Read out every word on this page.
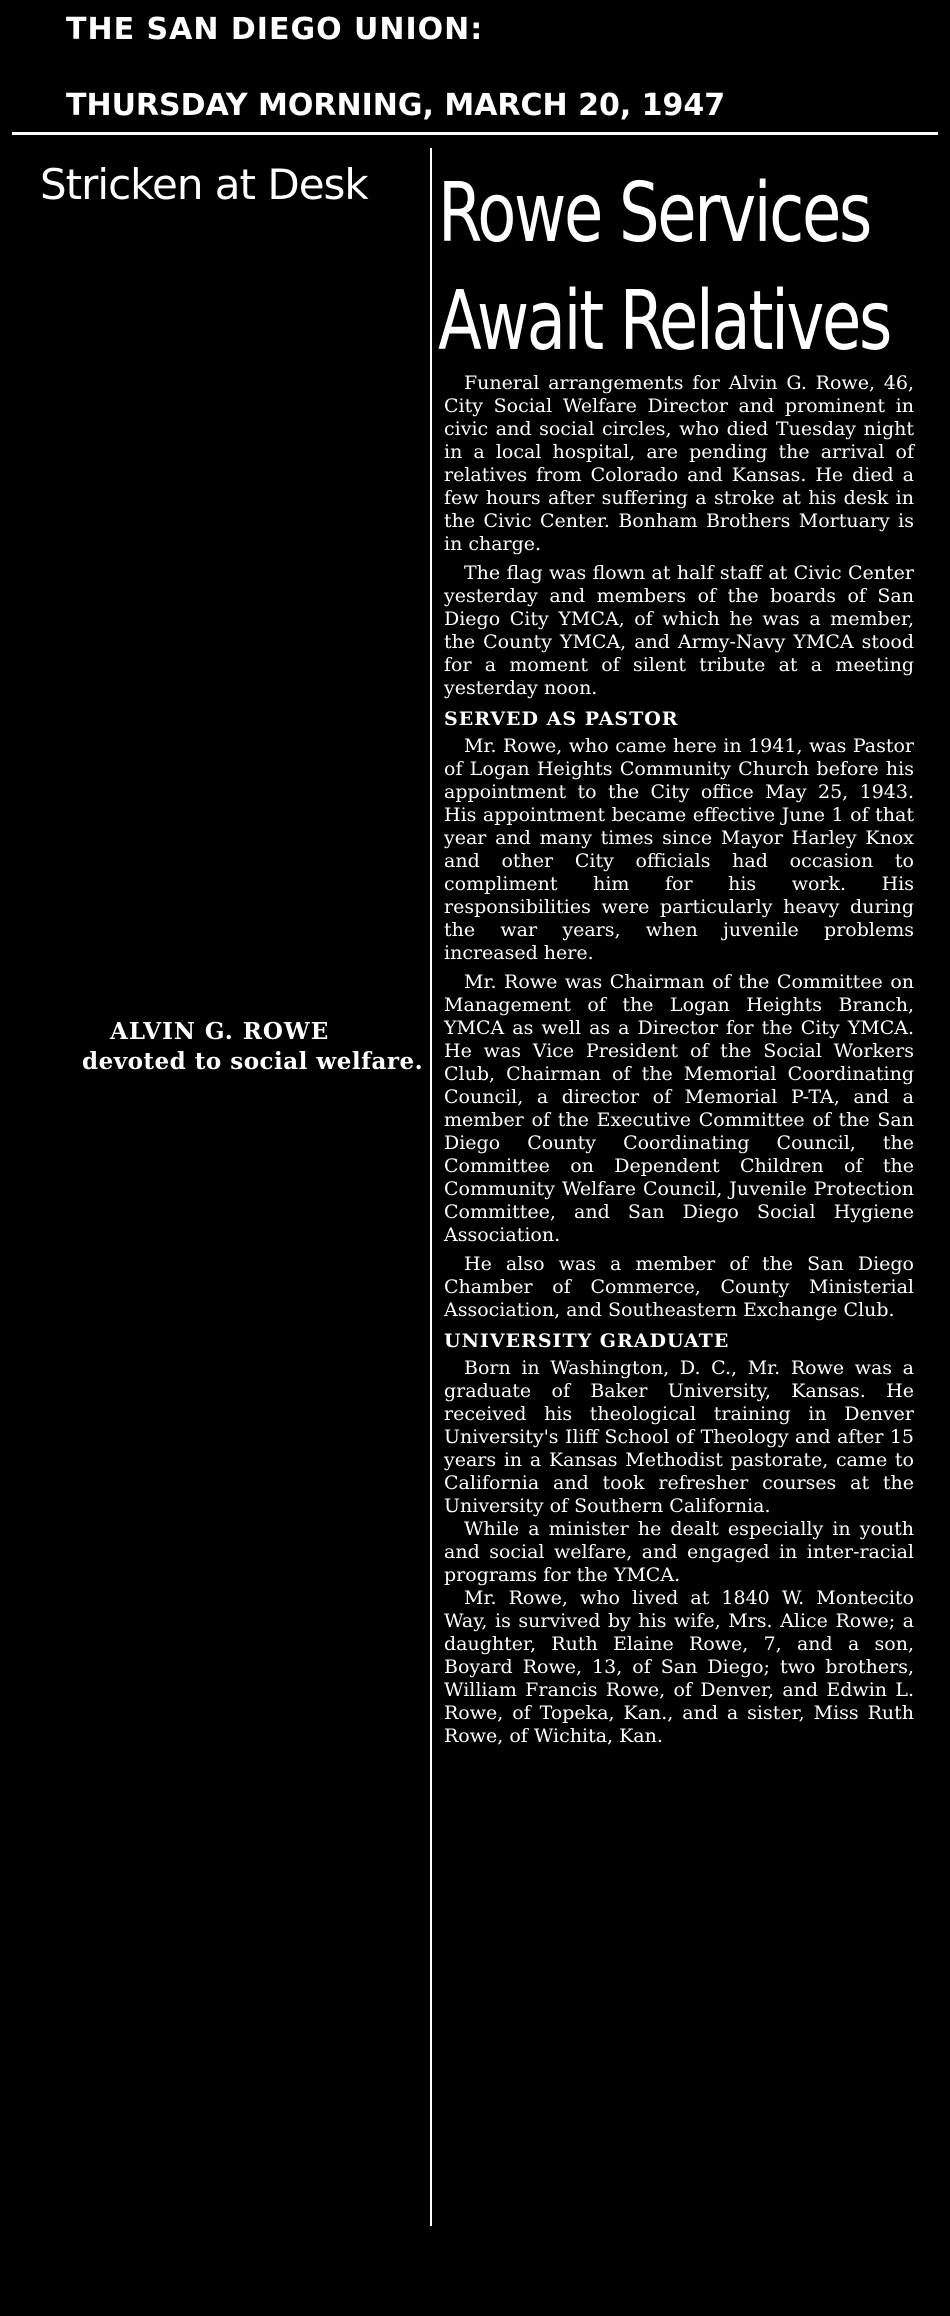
THE SAN DIEGO UNION:
THURSDAY MORNING, MARCH 20, 1947
Stricken at Desk
ALVIN G. ROWE
devoted to social welfare.
Rowe Services
Await Relatives

Funeral arrangements for Alvin G. Rowe, 46, City Social Welfare Director and prominent in civic and social circles, who died Tuesday night in a local hospital, are pending the arrival of relatives from Colorado and Kansas. He died a few hours after suffering a stroke at his desk in the Civic Center. Bonham Brothers Mortuary is in charge.

The flag was flown at half staff at Civic Center yesterday and members of the boards of San Diego City YMCA, of which he was a member, the County YMCA, and Army-Navy YMCA stood for a moment of silent tribute at a meeting yesterday noon.

SERVED AS PASTOR

Mr. Rowe, who came here in 1941, was Pastor of Logan Heights Community Church before his appointment to the City office May 25, 1943. His appointment became effective June 1 of that year and many times since Mayor Harley Knox and other City officials had occasion to compliment him for his work. His responsibilities were particularly heavy during the war years, when juvenile problems increased here.

Mr. Rowe was Chairman of the Committee on Management of the Logan Heights Branch, YMCA as well as a Director for the City YMCA. He was Vice President of the Social Workers Club, Chairman of the Memorial Coordinating Council, a director of Memorial P-TA, and a member of the Executive Committee of the San Diego County Coordinating Council, the Committee on Dependent Children of the Community Welfare Council, Juvenile Protection Committee, and San Diego Social Hygiene Association.

He also was a member of the San Diego Chamber of Commerce, County Ministerial Association, and Southeastern Exchange Club.

UNIVERSITY GRADUATE

Born in Washington, D. C., Mr. Rowe was a graduate of Baker University, Kansas. He received his theological training in Denver University's Iliff School of Theology and after 15 years in a Kansas Methodist pastorate, came to California and took refresher courses at the University of Southern California.

While a minister he dealt especially in youth and social welfare, and engaged in inter-racial programs for the YMCA.

Mr. Rowe, who lived at 1840 W. Montecito Way, is survived by his wife, Mrs. Alice Rowe; a daughter, Ruth Elaine Rowe, 7, and a son, Boyard Rowe, 13, of San Diego; two brothers, William Francis Rowe, of Denver, and Edwin L. Rowe, of Topeka, Kan., and a sister, Miss Ruth Rowe, of Wichita, Kan.
